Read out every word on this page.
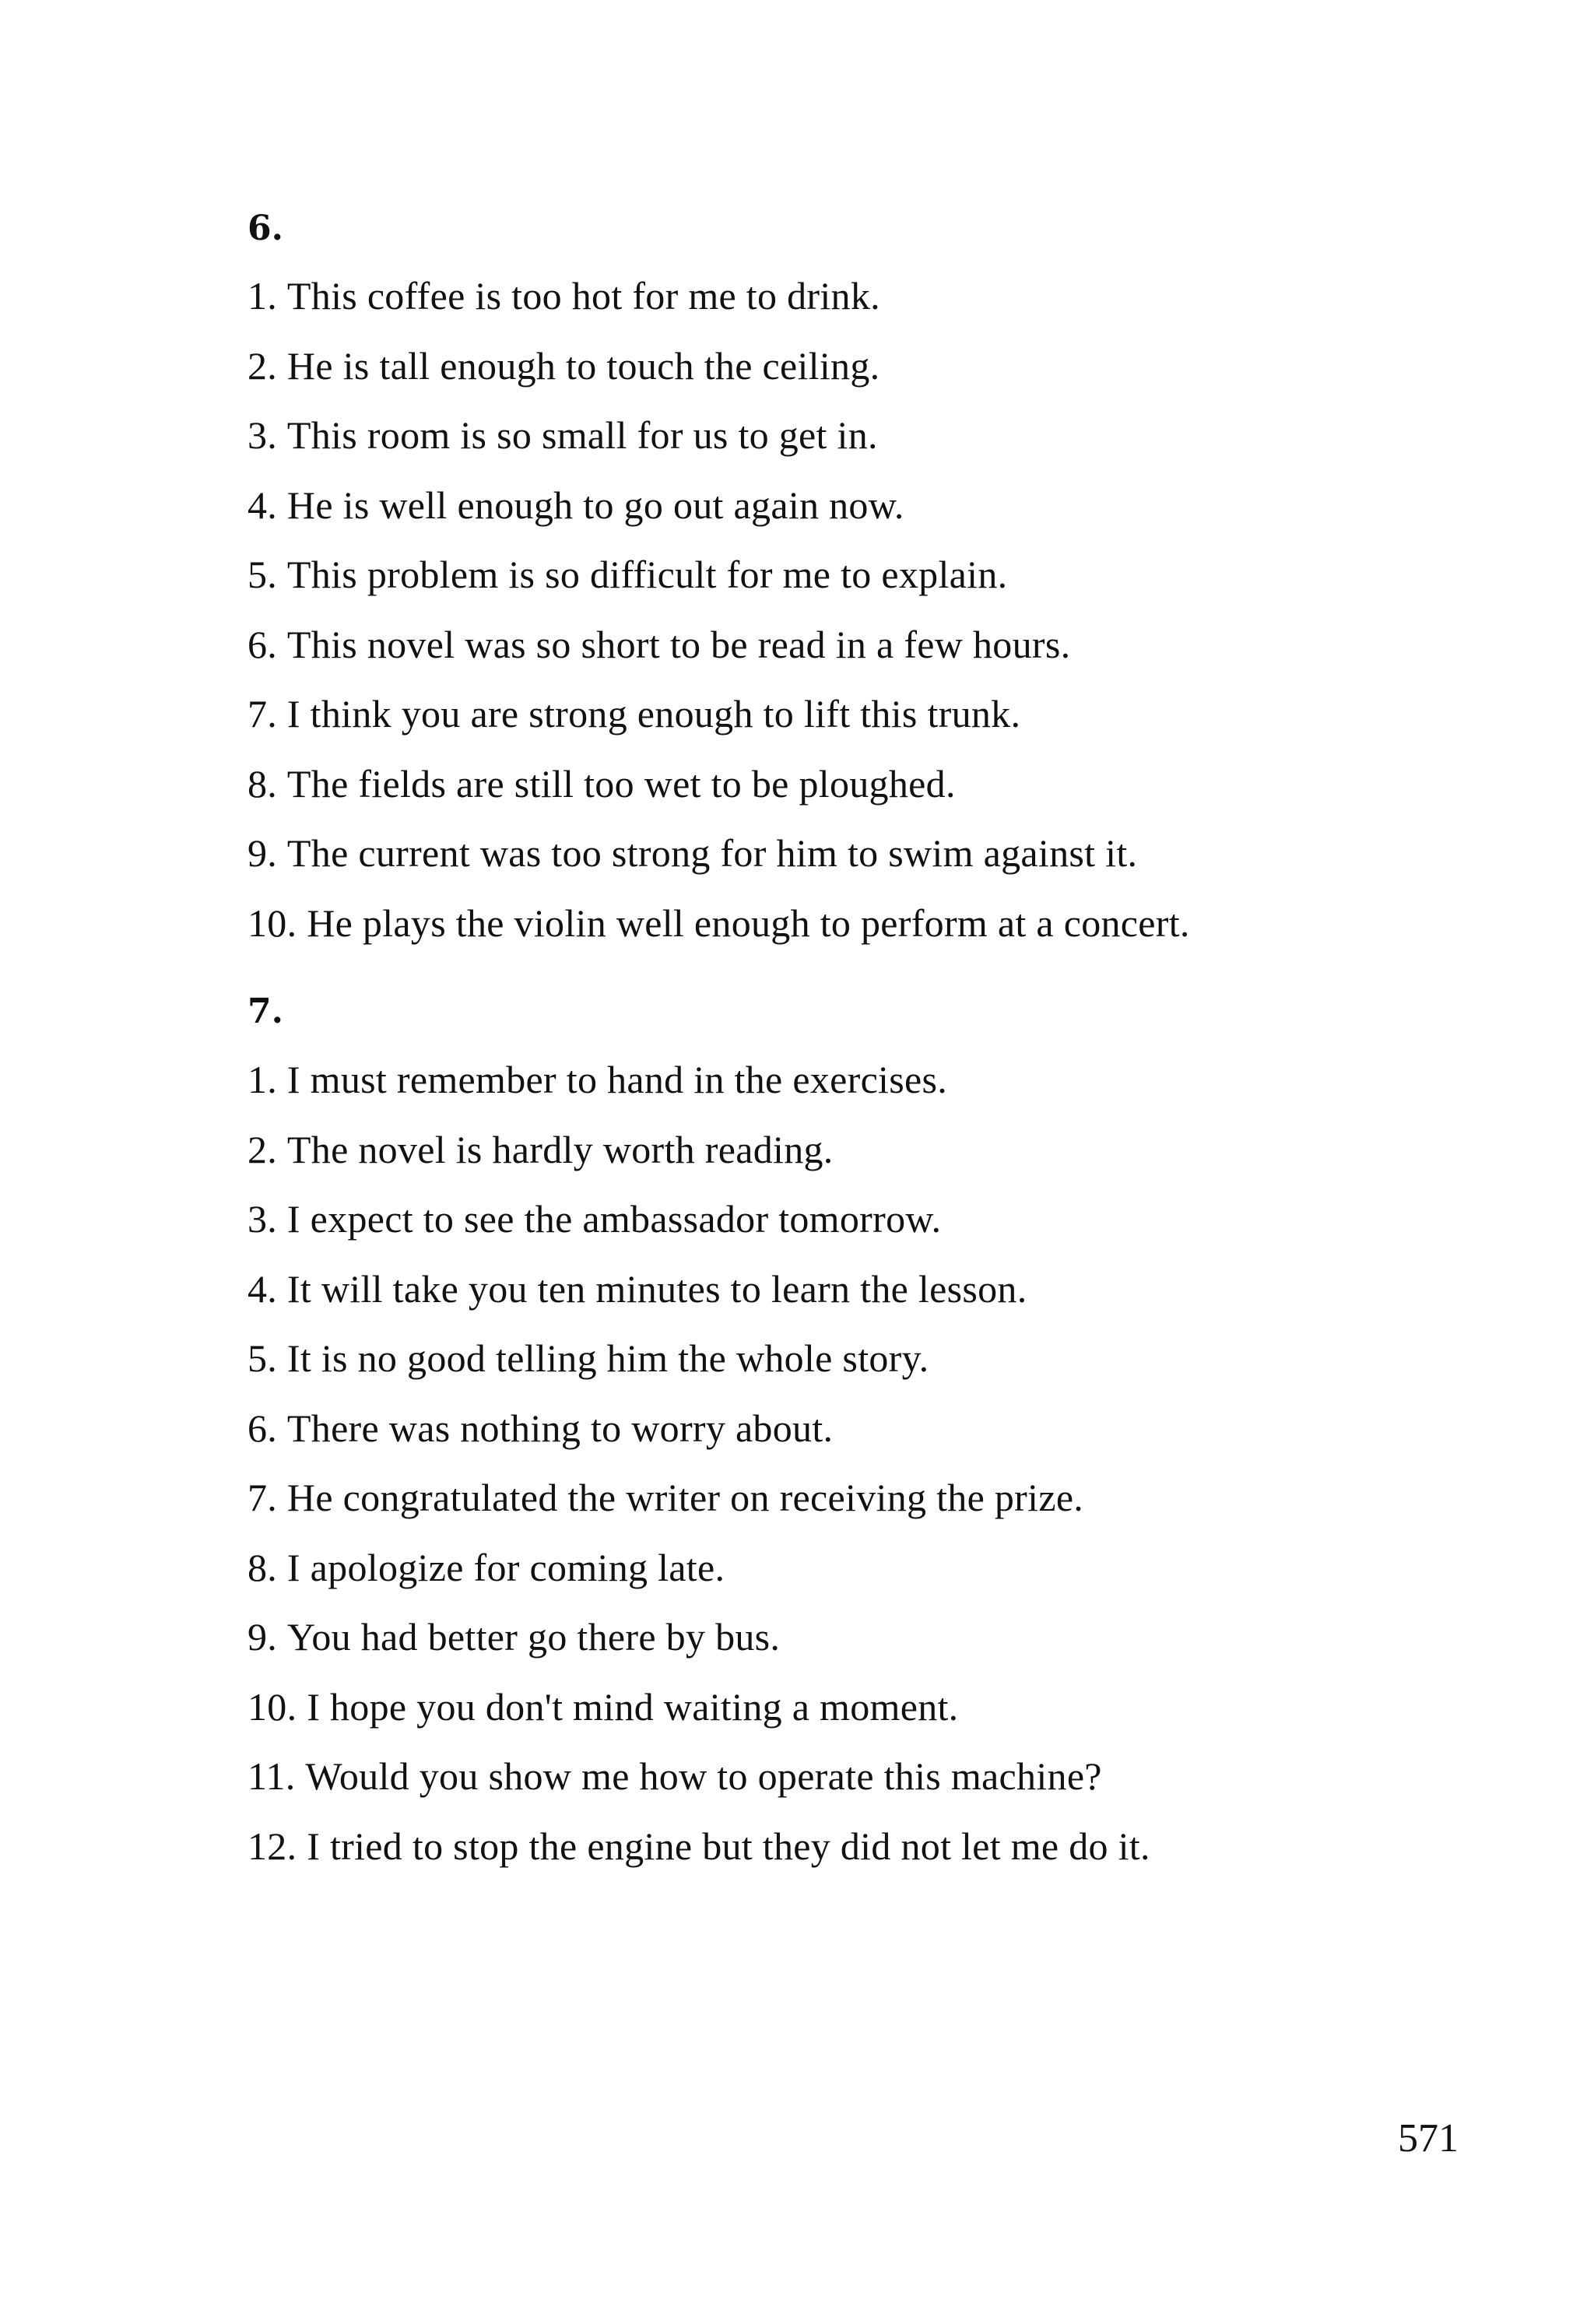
6.
1. This coffee is too hot for me to drink.
2. He is tall enough to touch the ceiling.
3. This room is so small for us to get in.
4. He is well enough to go out again now.
5. This problem is so difficult for me to explain.
6. This novel was so short to be read in a few hours.
7. I think you are strong enough to lift this trunk.
8. The fields are still too wet to be ploughed.
9. The current was too strong for him to swim against it.
10. He plays the violin well enough to perform at a concert.
7.
1. I must remember to hand in the exercises.
2. The novel is hardly worth reading.
3. I expect to see the ambassador tomorrow.
4. It will take you ten minutes to learn the lesson.
5. It is no good telling him the whole story.
6. There was nothing to worry about.
7. He congratulated the writer on receiving the prize.
8. I apologize for coming late.
9. You had better go there by bus.
10. I hope you don't mind waiting a moment.
11. Would you show me how to operate this machine?
12. I tried to stop the engine but they did not let me do it.
571
